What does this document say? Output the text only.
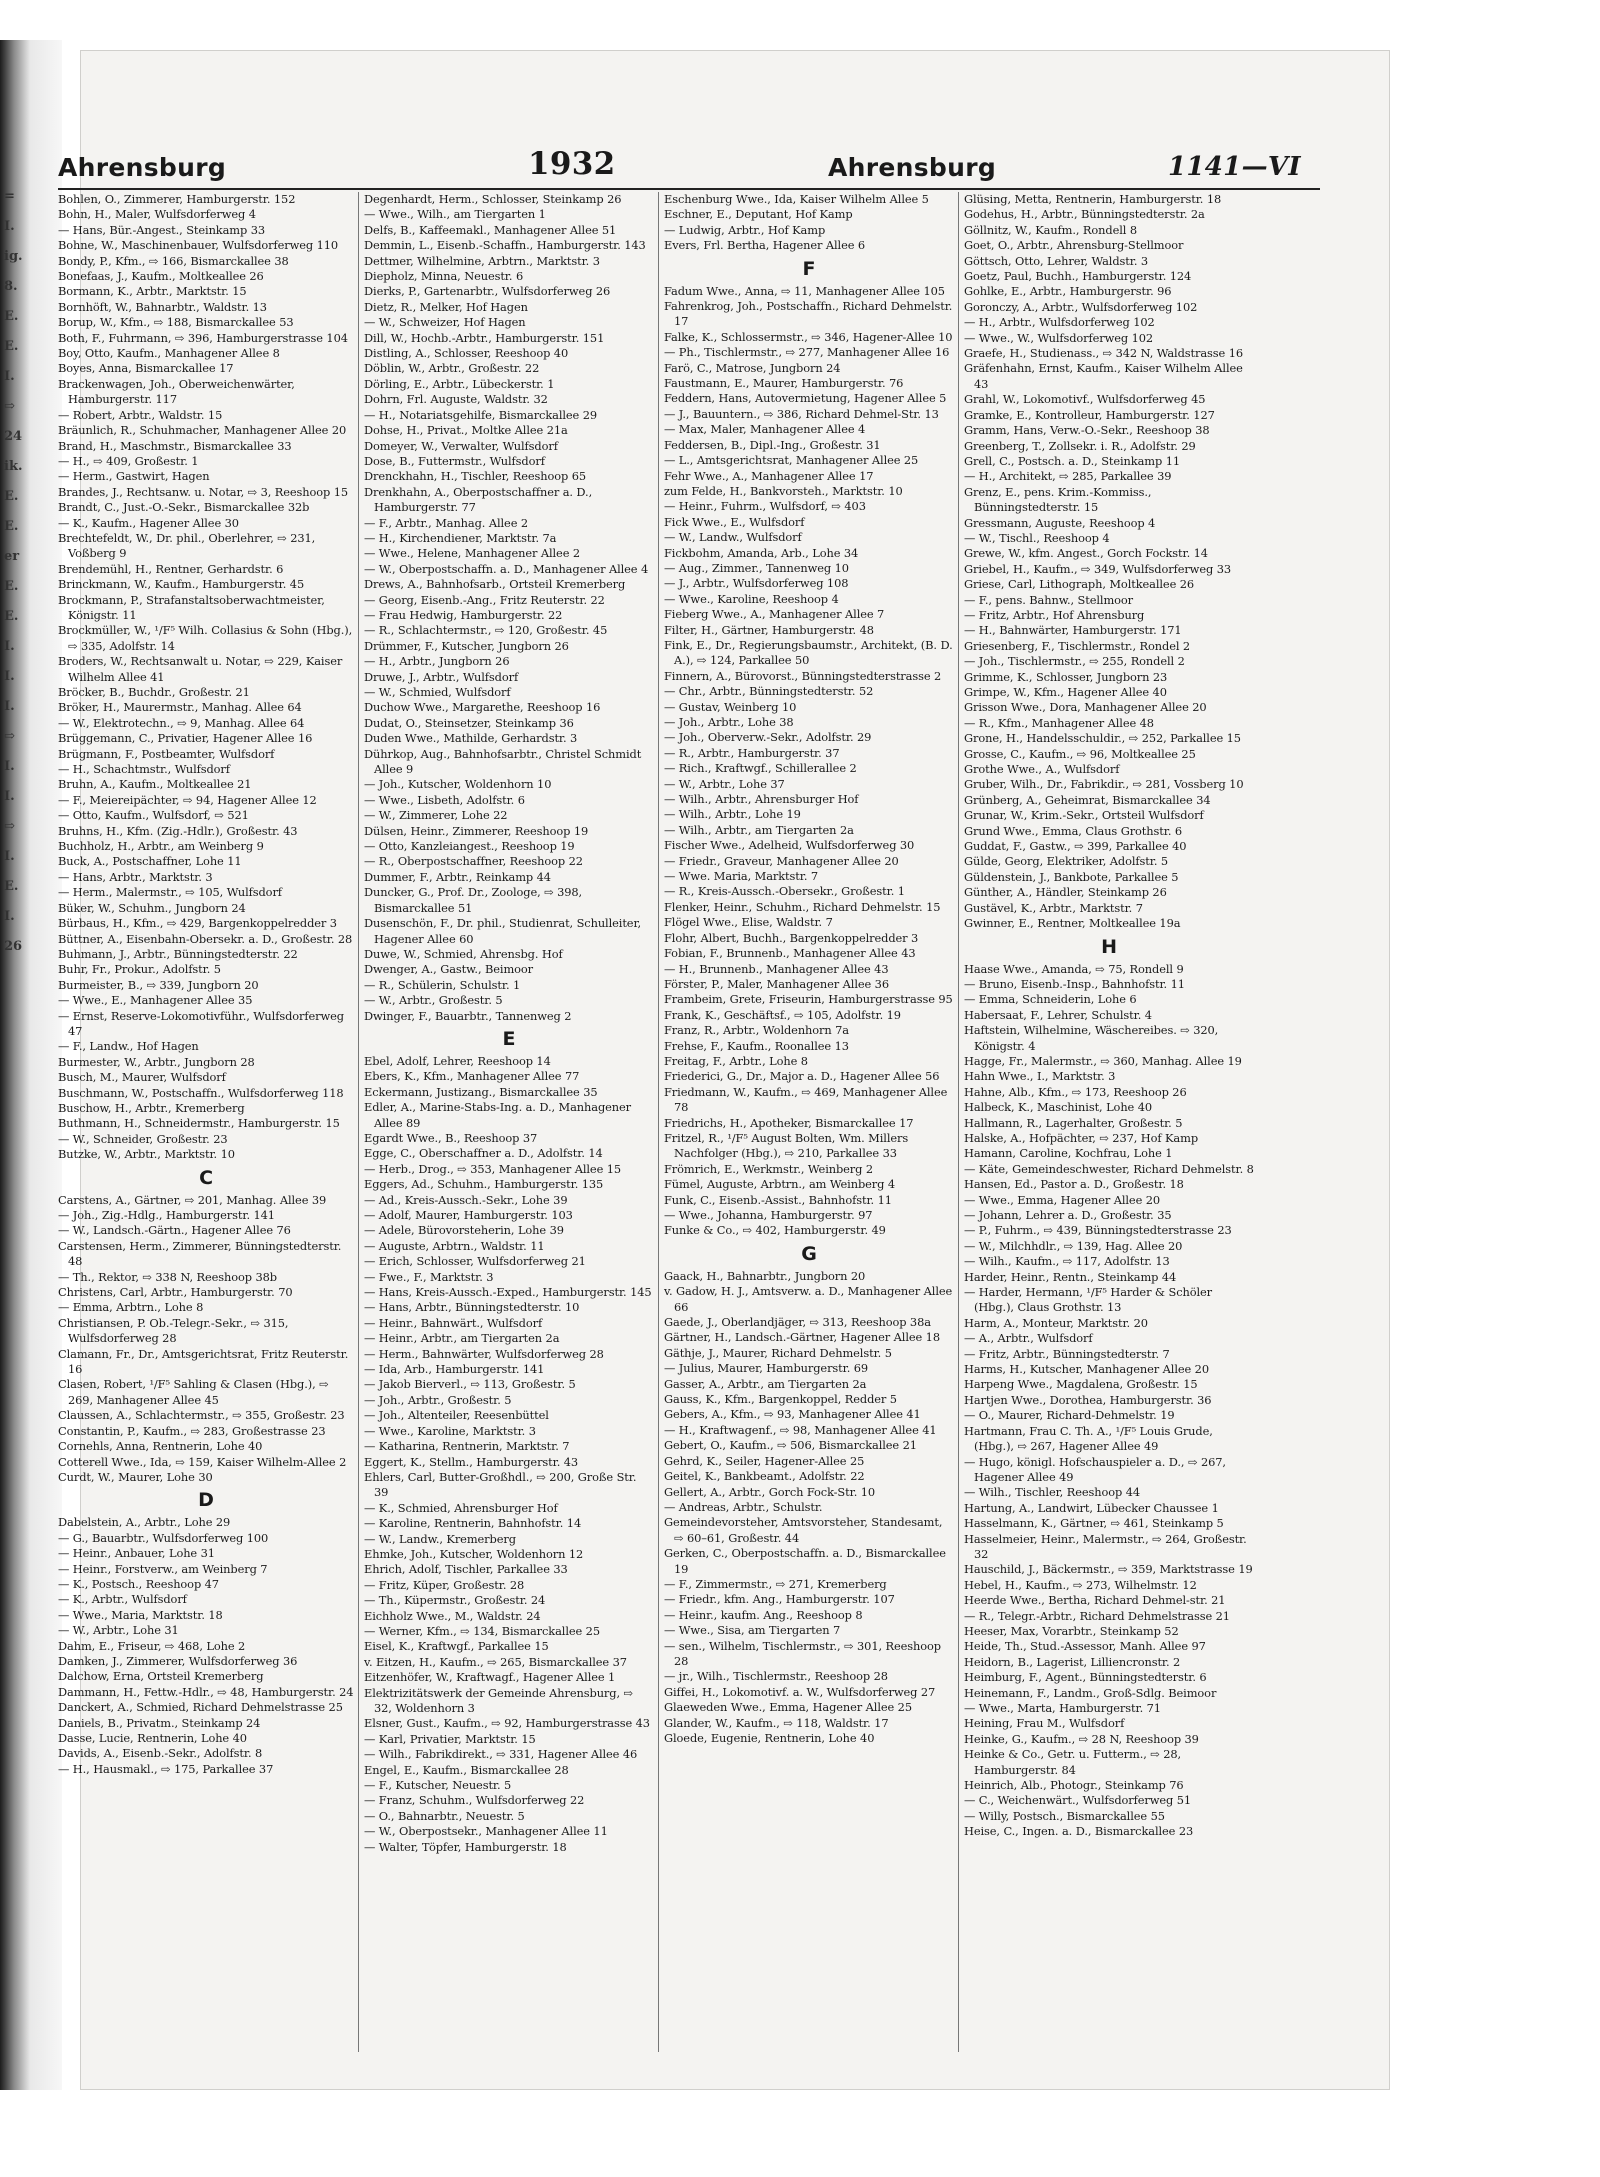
=
I.
ig.
8.
E.
E.
I.
⇨
24
ik.
E.
E.
er
E.
E.
I.
I.
I.
⇨
I.
I.
⇨
I.
E.
I.
26
Ahrensburg	1932	Ahrensburg	1141—VI
Bohlen, O., Zimmerer, Hamburgerstr. 152
Bohn, H., Maler, Wulfsdorferweg 4
— Hans, Bür.-Angest., Steinkamp 33
Bohne, W., Maschinenbauer, Wulfsdorferweg 110
Bondy, P., Kfm., ⇨ 166, Bismarckallee 38
Bonefaas, J., Kaufm., Moltkeallee 26
Bormann, K., Arbtr., Marktstr. 15
Bornhöft, W., Bahnarbtr., Waldstr. 13
Borup, W., Kfm., ⇨ 188, Bismarckallee 53
Both, F., Fuhrmann, ⇨ 396, Hamburgerstrasse 104
Boy, Otto, Kaufm., Manhagener Allee 8
Boyes, Anna, Bismarckallee 17
Brackenwagen, Joh., Oberweichenwärter, Hamburgerstr. 117
— Robert, Arbtr., Waldstr. 15
Bräunlich, R., Schuhmacher, Manhagener Allee 20
Brand, H., Maschmstr., Bismarckallee 33
— H., ⇨ 409, Großestr. 1
— Herm., Gastwirt, Hagen
Brandes, J., Rechtsanw. u. Notar, ⇨ 3, Reeshoop 15
Brandt, C., Just.-O.-Sekr., Bismarckallee 32b
— K., Kaufm., Hagener Allee 30
Brechtefeldt, W., Dr. phil., Oberlehrer, ⇨ 231, Voßberg 9
Brendemühl, H., Rentner, Gerhardstr. 6
Brinckmann, W., Kaufm., Hamburgerstr. 45
Brockmann, P., Strafanstaltsoberwachtmeister, Königstr. 11
Brockmüller, W., ¹/F⁵ Wilh. Collasius & Sohn (Hbg.), ⇨ 335, Adolfstr. 14
Broders, W., Rechtsanwalt u. Notar, ⇨ 229, Kaiser Wilhelm Allee 41
Bröcker, B., Buchdr., Großestr. 21
Bröker, H., Maurermstr., Manhag. Allee 64
— W., Elektrotechn., ⇨ 9, Manhag. Allee 64
Brüggemann, C., Privatier, Hagener Allee 16
Brügmann, F., Postbeamter, Wulfsdorf
— H., Schachtmstr., Wulfsdorf
Bruhn, A., Kaufm., Moltkeallee 21
— F., Meiereipächter, ⇨ 94, Hagener Allee 12
— Otto, Kaufm., Wulfsdorf, ⇨ 521
Bruhns, H., Kfm. (Zig.-Hdlr.), Großestr. 43
Buchholz, H., Arbtr., am Weinberg 9
Buck, A., Postschaffner, Lohe 11
— Hans, Arbtr., Marktstr. 3
— Herm., Malermstr., ⇨ 105, Wulfsdorf
Büker, W., Schuhm., Jungborn 24
Bürbaus, H., Kfm., ⇨ 429, Bargenkoppelredder 3
Büttner, A., Eisenbahn-Obersekr. a. D., Großestr. 28
Buhmann, J., Arbtr., Bünningstedterstr. 22
Buhr, Fr., Prokur., Adolfstr. 5
Burmeister, B., ⇨ 339, Jungborn 20
— Wwe., E., Manhagener Allee 35
— Ernst, Reserve-Lokomotivführ., Wulfsdorferweg 47
— F., Landw., Hof Hagen
Burmester, W., Arbtr., Jungborn 28
Busch, M., Maurer, Wulfsdorf
Buschmann, W., Postschaffn., Wulfsdorferweg 118
Buschow, H., Arbtr., Kremerberg
Buthmann, H., Schneidermstr., Hamburgerstr. 15
— W., Schneider, Großestr. 23
Butzke, W., Arbtr., Marktstr. 10
C
Carstens, A., Gärtner, ⇨ 201, Manhag. Allee 39
— Joh., Zig.-Hdlg., Hamburgerstr. 141
— W., Landsch.-Gärtn., Hagener Allee 76
Carstensen, Herm., Zimmerer, Bünningstedterstr. 48
— Th., Rektor, ⇨ 338 N, Reeshoop 38b
Christens, Carl, Arbtr., Hamburgerstr. 70
— Emma, Arbtrn., Lohe 8
Christiansen, P. Ob.-Telegr.-Sekr., ⇨ 315, Wulfsdorferweg 28
Clamann, Fr., Dr., Amtsgerichtsrat, Fritz Reuterstr. 16
Clasen, Robert, ¹/F⁵ Sahling & Clasen (Hbg.), ⇨ 269, Manhagener Allee 45
Claussen, A., Schlachtermstr., ⇨ 355, Großestr. 23
Constantin, P., Kaufm., ⇨ 283, Großestrasse 23
Cornehls, Anna, Rentnerin, Lohe 40
Cotterell Wwe., Ida, ⇨ 159, Kaiser Wilhelm-Allee 2
Curdt, W., Maurer, Lohe 30
D
Dabelstein, A., Arbtr., Lohe 29
— G., Bauarbtr., Wulfsdorferweg 100
— Heinr., Anbauer, Lohe 31
— Heinr., Forstverw., am Weinberg 7
— K., Postsch., Reeshoop 47
— K., Arbtr., Wulfsdorf
— Wwe., Maria, Marktstr. 18
— W., Arbtr., Lohe 31
Dahm, E., Friseur, ⇨ 468, Lohe 2
Damken, J., Zimmerer, Wulfsdorferweg 36
Dalchow, Erna, Ortsteil Kremerberg
Dammann, H., Fettw.-Hdlr., ⇨ 48, Hamburgerstr. 24
Danckert, A., Schmied, Richard Dehmelstrasse 25
Daniels, B., Privatm., Steinkamp 24
Dasse, Lucie, Rentnerin, Lohe 40
Davids, A., Eisenb.-Sekr., Adolfstr. 8
— H., Hausmakl., ⇨ 175, Parkallee 37
Degenhardt, Herm., Schlosser, Steinkamp 26
— Wwe., Wilh., am Tiergarten 1
Delfs, B., Kaffeemakl., Manhagener Allee 51
Demmin, L., Eisenb.-Schaffn., Hamburgerstr. 143
Dettmer, Wilhelmine, Arbtrn., Marktstr. 3
Diepholz, Minna, Neuestr. 6
Dierks, P., Gartenarbtr., Wulfsdorferweg 26
Dietz, R., Melker, Hof Hagen
— W., Schweizer, Hof Hagen
Dill, W., Hochb.-Arbtr., Hamburgerstr. 151
Distling, A., Schlosser, Reeshoop 40
Döblin, W., Arbtr., Großestr. 22
Dörling, E., Arbtr., Lübeckerstr. 1
Dohrn, Frl. Auguste, Waldstr. 32
— H., Notariatsgehilfe, Bismarckallee 29
Dohse, H., Privat., Moltke Allee 21a
Domeyer, W., Verwalter, Wulfsdorf
Dose, B., Futtermstr., Wulfsdorf
Drenckhahn, H., Tischler, Reeshoop 65
Drenkhahn, A., Oberpostschaffner a. D., Hamburgerstr. 77
— F., Arbtr., Manhag. Allee 2
— H., Kirchendiener, Marktstr. 7a
— Wwe., Helene, Manhagener Allee 2
— W., Oberpostschaffn. a. D., Manhagener Allee 4
Drews, A., Bahnhofsarb., Ortsteil Kremerberg
— Georg, Eisenb.-Ang., Fritz Reuterstr. 22
— Frau Hedwig, Hamburgerstr. 22
— R., Schlachtermstr., ⇨ 120, Großestr. 45
Drümmer, F., Kutscher, Jungborn 26
— H., Arbtr., Jungborn 26
Druwe, J., Arbtr., Wulfsdorf
— W., Schmied, Wulfsdorf
Duchow Wwe., Margarethe, Reeshoop 16
Dudat, O., Steinsetzer, Steinkamp 36
Duden Wwe., Mathilde, Gerhardstr. 3
Dührkop, Aug., Bahnhofsarbtr., Christel Schmidt Allee 9
— Joh., Kutscher, Woldenhorn 10
— Wwe., Lisbeth, Adolfstr. 6
— W., Zimmerer, Lohe 22
Dülsen, Heinr., Zimmerer, Reeshoop 19
— Otto, Kanzleiangest., Reeshoop 19
— R., Oberpostschaffner, Reeshoop 22
Dummer, F., Arbtr., Reinkamp 44
Duncker, G., Prof. Dr., Zoologe, ⇨ 398, Bismarckallee 51
Dusenschön, F., Dr. phil., Studienrat, Schulleiter, Hagener Allee 60
Duwe, W., Schmied, Ahrensbg. Hof
Dwenger, A., Gastw., Beimoor
— R., Schülerin, Schulstr. 1
— W., Arbtr., Großestr. 5
Dwinger, F., Bauarbtr., Tannenweg 2
E
Ebel, Adolf, Lehrer, Reeshoop 14
Ebers, K., Kfm., Manhagener Allee 77
Eckermann, Justizang., Bismarckallee 35
Edler, A., Marine-Stabs-Ing. a. D., Manhagener Allee 89
Egardt Wwe., B., Reeshoop 37
Egge, C., Oberschaffner a. D., Adolfstr. 14
— Herb., Drog., ⇨ 353, Manhagener Allee 15
Eggers, Ad., Schuhm., Hamburgerstr. 135
— Ad., Kreis-Aussch.-Sekr., Lohe 39
— Adolf, Maurer, Hamburgerstr. 103
— Adele, Bürovorsteherin, Lohe 39
— Auguste, Arbtrn., Waldstr. 11
— Erich, Schlosser, Wulfsdorferweg 21
— Fwe., F., Marktstr. 3
— Hans, Kreis-Aussch.-Exped., Hamburgerstr. 145
— Hans, Arbtr., Bünningstedterstr. 10
— Heinr., Bahnwärt., Wulfsdorf
— Heinr., Arbtr., am Tiergarten 2a
— Herm., Bahnwärter, Wulfsdorferweg 28
— Ida, Arb., Hamburgerstr. 141
— Jakob Bierverl., ⇨ 113, Großestr. 5
— Joh., Arbtr., Großestr. 5
— Joh., Altenteiler, Reesenbüttel
— Wwe., Karoline, Marktstr. 3
— Katharina, Rentnerin, Marktstr. 7
Eggert, K., Stellm., Hamburgerstr. 43
Ehlers, Carl, Butter-Großhdl., ⇨ 200, Große Str. 39
— K., Schmied, Ahrensburger Hof
— Karoline, Rentnerin, Bahnhofstr. 14
— W., Landw., Kremerberg
Ehmke, Joh., Kutscher, Woldenhorn 12
Ehrich, Adolf, Tischler, Parkallee 33
— Fritz, Küper, Großestr. 28
— Th., Küpermstr., Großestr. 24
Eichholz Wwe., M., Waldstr. 24
— Werner, Kfm., ⇨ 134, Bismarckallee 25
Eisel, K., Kraftwgf., Parkallee 15
v. Eitzen, H., Kaufm., ⇨ 265, Bismarckallee 37
Eitzenhöfer, W., Kraftwagf., Hagener Allee 1
Elektrizitätswerk der Gemeinde Ahrensburg, ⇨ 32, Woldenhorn 3
Elsner, Gust., Kaufm., ⇨ 92, Hamburgerstrasse 43
— Karl, Privatier, Marktstr. 15
— Wilh., Fabrikdirekt., ⇨ 331, Hagener Allee 46
Engel, E., Kaufm., Bismarckallee 28
— F., Kutscher, Neuestr. 5
— Franz, Schuhm., Wulfsdorferweg 22
— O., Bahnarbtr., Neuestr. 5
— W., Oberpostsekr., Manhagener Allee 11
— Walter, Töpfer, Hamburgerstr. 18
Eschenburg Wwe., Ida, Kaiser Wilhelm Allee 5
Eschner, E., Deputant, Hof Kamp
— Ludwig, Arbtr., Hof Kamp
Evers, Frl. Bertha, Hagener Allee 6
F
Fadum Wwe., Anna, ⇨ 11, Manhagener Allee 105
Fahrenkrog, Joh., Postschaffn., Richard Dehmelstr. 17
Falke, K., Schlossermstr., ⇨ 346, Hagener-Allee 10
— Ph., Tischlermstr., ⇨ 277, Manhagener Allee 16
Farö, C., Matrose, Jungborn 24
Faustmann, E., Maurer, Hamburgerstr. 76
Feddern, Hans, Autovermietung, Hagener Allee 5
— J., Bauuntern., ⇨ 386, Richard Dehmel-Str. 13
— Max, Maler, Manhagener Allee 4
Feddersen, B., Dipl.-Ing., Großestr. 31
— L., Amtsgerichtsrat, Manhagener Allee 25
Fehr Wwe., A., Manhagener Allee 17
zum Felde, H., Bankvorsteh., Marktstr. 10
— Heinr., Fuhrm., Wulfsdorf, ⇨ 403
Fick Wwe., E., Wulfsdorf
— W., Landw., Wulfsdorf
Fickbohm, Amanda, Arb., Lohe 34
— Aug., Zimmer., Tannenweg 10
— J., Arbtr., Wulfsdorferweg 108
— Wwe., Karoline, Reeshoop 4
Fieberg Wwe., A., Manhagener Allee 7
Filter, H., Gärtner, Hamburgerstr. 48
Fink, E., Dr., Regierungsbaumstr., Architekt, (B. D. A.), ⇨ 124, Parkallee 50
Finnern, A., Bürovorst., Bünningstedterstrasse 2
— Chr., Arbtr., Bünningstedterstr. 52
— Gustav, Weinberg 10
— Joh., Arbtr., Lohe 38
— Joh., Oberverw.-Sekr., Adolfstr. 29
— R., Arbtr., Hamburgerstr. 37
— Rich., Kraftwgf., Schillerallee 2
— W., Arbtr., Lohe 37
— Wilh., Arbtr., Ahrensburger Hof
— Wilh., Arbtr., Lohe 19
— Wilh., Arbtr., am Tiergarten 2a
Fischer Wwe., Adelheid, Wulfsdorferweg 30
— Friedr., Graveur, Manhagener Allee 20
— Wwe. Maria, Marktstr. 7
— R., Kreis-Aussch.-Obersekr., Großestr. 1
Flenker, Heinr., Schuhm., Richard Dehmelstr. 15
Flögel Wwe., Elise, Waldstr. 7
Flohr, Albert, Buchh., Bargenkoppelredder 3
Fobian, F., Brunnenb., Manhagener Allee 43
— H., Brunnenb., Manhagener Allee 43
Förster, P., Maler, Manhagener Allee 36
Frambeim, Grete, Friseurin, Hamburgerstrasse 95
Frank, K., Geschäftsf., ⇨ 105, Adolfstr. 19
Franz, R., Arbtr., Woldenhorn 7a
Frehse, F., Kaufm., Roonallee 13
Freitag, F., Arbtr., Lohe 8
Friederici, G., Dr., Major a. D., Hagener Allee 56
Friedmann, W., Kaufm., ⇨ 469, Manhagener Allee 78
Friedrichs, H., Apotheker, Bismarckallee 17
Fritzel, R., ¹/F⁵ August Bolten, Wm. Millers Nachfolger (Hbg.), ⇨ 210, Parkallee 33
Frömrich, E., Werkmstr., Weinberg 2
Fümel, Auguste, Arbtrn., am Weinberg 4
Funk, C., Eisenb.-Assist., Bahnhofstr. 11
— Wwe., Johanna, Hamburgerstr. 97
Funke & Co., ⇨ 402, Hamburgerstr. 49
G
Gaack, H., Bahnarbtr., Jungborn 20
v. Gadow, H. J., Amtsverw. a. D., Manhagener Allee 66
Gaede, J., Oberlandjäger, ⇨ 313, Reeshoop 38a
Gärtner, H., Landsch.-Gärtner, Hagener Allee 18
Gäthje, J., Maurer, Richard Dehmelstr. 5
— Julius, Maurer, Hamburgerstr. 69
Gasser, A., Arbtr., am Tiergarten 2a
Gauss, K., Kfm., Bargenkoppel, Redder 5
Gebers, A., Kfm., ⇨ 93, Manhagener Allee 41
— H., Kraftwagenf., ⇨ 98, Manhagener Allee 41
Gebert, O., Kaufm., ⇨ 506, Bismarckallee 21
Gehrd, K., Seiler, Hagener-Allee 25
Geitel, K., Bankbeamt., Adolfstr. 22
Gellert, A., Arbtr., Gorch Fock-Str. 10
— Andreas, Arbtr., Schulstr.
Gemeindevorsteher, Amtsvorsteher, Standesamt, ⇨ 60–61, Großestr. 44
Gerken, C., Oberpostschaffn. a. D., Bismarckallee 19
— F., Zimmermstr., ⇨ 271, Kremerberg
— Friedr., kfm. Ang., Hamburgerstr. 107
— Heinr., kaufm. Ang., Reeshoop 8
— Wwe., Sisa, am Tiergarten 7
— sen., Wilhelm, Tischlermstr., ⇨ 301, Reeshoop 28
— jr., Wilh., Tischlermstr., Reeshoop 28
Giffei, H., Lokomotivf. a. W., Wulfsdorferweg 27
Glaeweden Wwe., Emma, Hagener Allee 25
Glander, W., Kaufm., ⇨ 118, Waldstr. 17
Gloede, Eugenie, Rentnerin, Lohe 40
Glüsing, Metta, Rentnerin, Hamburgerstr. 18
Godehus, H., Arbtr., Bünningstedterstr. 2a
Göllnitz, W., Kaufm., Rondell 8
Goet, O., Arbtr., Ahrensburg-Stellmoor
Göttsch, Otto, Lehrer, Waldstr. 3
Goetz, Paul, Buchh., Hamburgerstr. 124
Gohlke, E., Arbtr., Hamburgerstr. 96
Goronczy, A., Arbtr., Wulfsdorferweg 102
— H., Arbtr., Wulfsdorferweg 102
— Wwe., W., Wulfsdorferweg 102
Graefe, H., Studienass., ⇨ 342 N, Waldstrasse 16
Gräfenhahn, Ernst, Kaufm., Kaiser Wilhelm Allee 43
Grahl, W., Lokomotivf., Wulfsdorferweg 45
Gramke, E., Kontrolleur, Hamburgerstr. 127
Gramm, Hans, Verw.-O.-Sekr., Reeshoop 38
Greenberg, T., Zollsekr. i. R., Adolfstr. 29
Grell, C., Postsch. a. D., Steinkamp 11
— H., Architekt, ⇨ 285, Parkallee 39
Grenz, E., pens. Krim.-Kommiss., Bünningstedterstr. 15
Gressmann, Auguste, Reeshoop 4
— W., Tischl., Reeshoop 4
Grewe, W., kfm. Angest., Gorch Fockstr. 14
Griebel, H., Kaufm., ⇨ 349, Wulfsdorferweg 33
Griese, Carl, Lithograph, Moltkeallee 26
— F., pens. Bahnw., Stellmoor
— Fritz, Arbtr., Hof Ahrensburg
— H., Bahnwärter, Hamburgerstr. 171
Griesenberg, F., Tischlermstr., Rondel 2
— Joh., Tischlermstr., ⇨ 255, Rondell 2
Grimme, K., Schlosser, Jungborn 23
Grimpe, W., Kfm., Hagener Allee 40
Grisson Wwe., Dora, Manhagener Allee 20
— R., Kfm., Manhagener Allee 48
Grone, H., Handelsschuldir., ⇨ 252, Parkallee 15
Grosse, C., Kaufm., ⇨ 96, Moltkeallee 25
Grothe Wwe., A., Wulfsdorf
Gruber, Wilh., Dr., Fabrikdir., ⇨ 281, Vossberg 10
Grünberg, A., Geheimrat, Bismarckallee 34
Grunar, W., Krim.-Sekr., Ortsteil Wulfsdorf
Grund Wwe., Emma, Claus Grothstr. 6
Guddat, F., Gastw., ⇨ 399, Parkallee 40
Gülde, Georg, Elektriker, Adolfstr. 5
Güldenstein, J., Bankbote, Parkallee 5
Günther, A., Händler, Steinkamp 26
Gustävel, K., Arbtr., Marktstr. 7
Gwinner, E., Rentner, Moltkeallee 19a
H
Haase Wwe., Amanda, ⇨ 75, Rondell 9
— Bruno, Eisenb.-Insp., Bahnhofstr. 11
— Emma, Schneiderin, Lohe 6
Habersaat, F., Lehrer, Schulstr. 4
Haftstein, Wilhelmine, Wäschereibes. ⇨ 320, Königstr. 4
Hagge, Fr., Malermstr., ⇨ 360, Manhag. Allee 19
Hahn Wwe., I., Marktstr. 3
Hahne, Alb., Kfm., ⇨ 173, Reeshoop 26
Halbeck, K., Maschinist, Lohe 40
Hallmann, R., Lagerhalter, Großestr. 5
Halske, A., Hofpächter, ⇨ 237, Hof Kamp
Hamann, Caroline, Kochfrau, Lohe 1
— Käte, Gemeindeschwester, Richard Dehmelstr. 8
Hansen, Ed., Pastor a. D., Großestr. 18
— Wwe., Emma, Hagener Allee 20
— Johann, Lehrer a. D., Großestr. 35
— P., Fuhrm., ⇨ 439, Bünningstedterstrasse 23
— W., Milchhdlr., ⇨ 139, Hag. Allee 20
— Wilh., Kaufm., ⇨ 117, Adolfstr. 13
Harder, Heinr., Rentn., Steinkamp 44
— Harder, Hermann, ¹/F⁵ Harder & Schöler (Hbg.), Claus Grothstr. 13
Harm, A., Monteur, Marktstr. 20
— A., Arbtr., Wulfsdorf
— Fritz, Arbtr., Bünningstedterstr. 7
Harms, H., Kutscher, Manhagener Allee 20
Harpeng Wwe., Magdalena, Großestr. 15
Hartjen Wwe., Dorothea, Hamburgerstr. 36
— O., Maurer, Richard-Dehmelstr. 19
Hartmann, Frau C. Th. A., ¹/F⁵ Louis Grude, (Hbg.), ⇨ 267, Hagener Allee 49
— Hugo, königl. Hofschauspieler a. D., ⇨ 267, Hagener Allee 49
— Wilh., Tischler, Reeshoop 44
Hartung, A., Landwirt, Lübecker Chaussee 1
Hasselmann, K., Gärtner, ⇨ 461, Steinkamp 5
Hasselmeier, Heinr., Malermstr., ⇨ 264, Großestr. 32
Hauschild, J., Bäckermstr., ⇨ 359, Marktstrasse 19
Hebel, H., Kaufm., ⇨ 273, Wilhelmstr. 12
Heerde Wwe., Bertha, Richard Dehmel-str. 21
— R., Telegr.-Arbtr., Richard Dehmelstrasse 21
Heeser, Max, Vorarbtr., Steinkamp 52
Heide, Th., Stud.-Assessor, Manh. Allee 97
Heidorn, B., Lagerist, Lilliencronstr. 2
Heimburg, F., Agent., Bünningstedterstr. 6
Heinemann, F., Landm., Groß-Sdlg. Beimoor
— Wwe., Marta, Hamburgerstr. 71
Heining, Frau M., Wulfsdorf
Heinke, G., Kaufm., ⇨ 28 N, Reeshoop 39
Heinke & Co., Getr. u. Futterm., ⇨ 28, Hamburgerstr. 84
Heinrich, Alb., Photogr., Steinkamp 76
— C., Weichenwärt., Wulfsdorferweg 51
— Willy, Postsch., Bismarckallee 55
Heise, C., Ingen. a. D., Bismarckallee 23
